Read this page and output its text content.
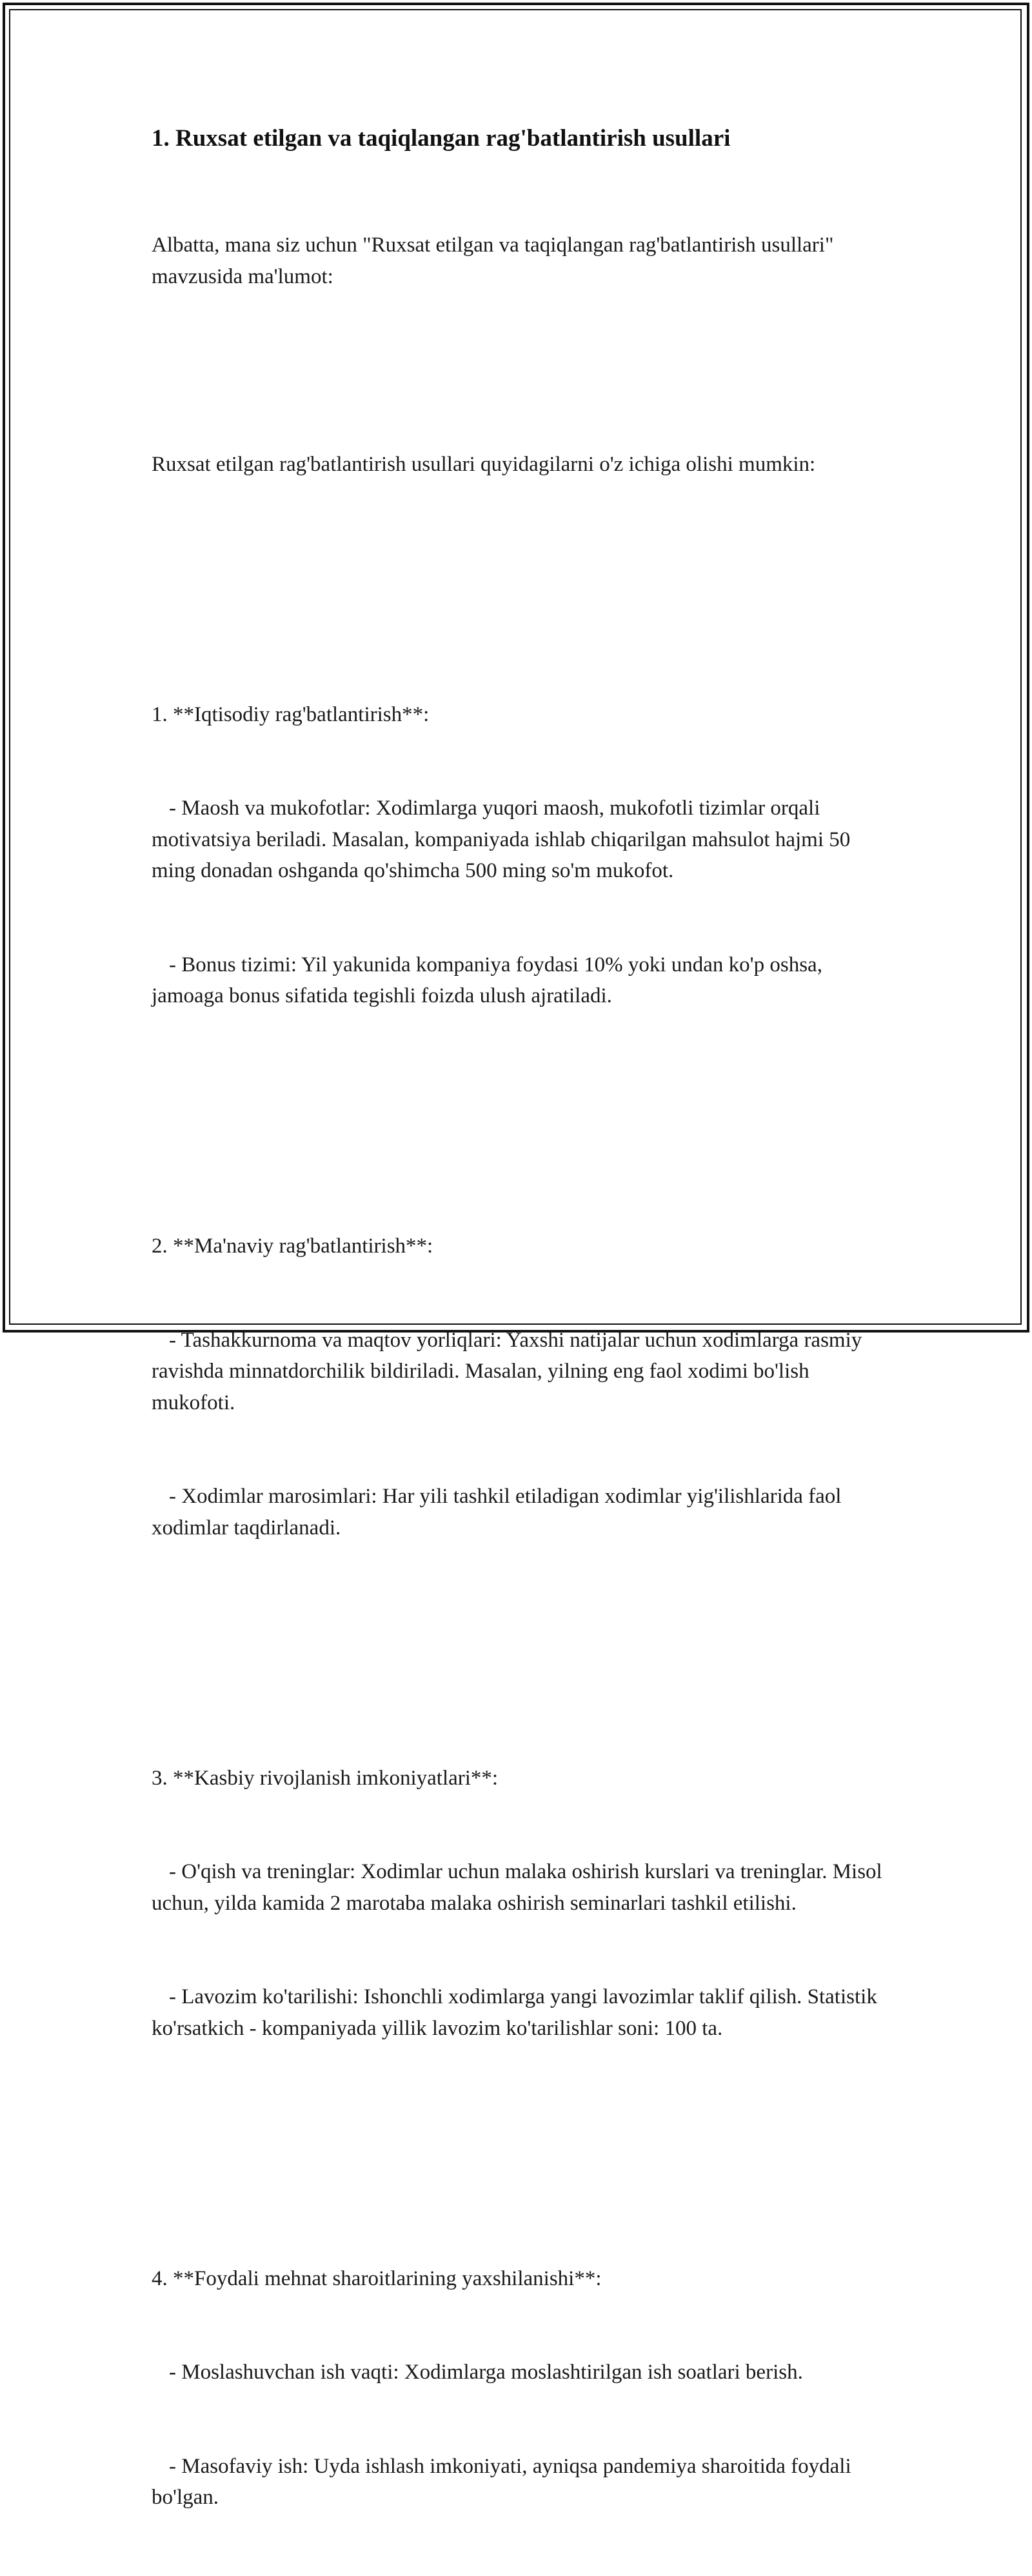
1. Ruxsat etilgan va taqiqlangan rag'batlantirish usullari

Albatta, mana siz uchun "Ruxsat etilgan va taqiqlangan rag'batlantirish usullari" mavzusida ma'lumot:

Ruxsat etilgan rag'batlantirish usullari quyidagilarni o'z ichiga olishi mumkin:

1. **Iqtisodiy rag'batlantirish**:

- Maosh va mukofotlar: Xodimlarga yuqori maosh, mukofotli tizimlar orqali motivatsiya beriladi. Masalan, kompaniyada ishlab chiqarilgan mahsulot hajmi 50 ming donadan oshganda qo'shimcha 500 ming so'm mukofot.

- Bonus tizimi: Yil yakunida kompaniya foydasi 10% yoki undan ko'p oshsa, jamoaga bonus sifatida tegishli foizda ulush ajratiladi.

2. **Ma'naviy rag'batlantirish**:

- Tashakkurnoma va maqtov yorliqlari: Yaxshi natijalar uchun xodimlarga rasmiy ravishda minnatdorchilik bildiriladi. Masalan, yilning eng faol xodimi bo'lish mukofoti.

- Xodimlar marosimlari: Har yili tashkil etiladigan xodimlar yig'ilishlarida faol xodimlar taqdirlanadi.

3. **Kasbiy rivojlanish imkoniyatlari**:

- O'qish va treninglar: Xodimlar uchun malaka oshirish kurslari va treninglar. Misol uchun, yilda kamida 2 marotaba malaka oshirish seminarlari tashkil etilishi.

- Lavozim ko'tarilishi: Ishonchli xodimlarga yangi lavozimlar taklif qilish. Statistik ko'rsatkich - kompaniyada yillik lavozim ko'tarilishlar soni: 100 ta.

4. **Foydali mehnat sharoitlarining yaxshilanishi**:

- Moslashuvchan ish vaqti: Xodimlarga moslashtirilgan ish soatlari berish.

- Masofaviy ish: Uyda ishlash imkoniyati, ayniqsa pandemiya sharoitida foydali bo'lgan.
